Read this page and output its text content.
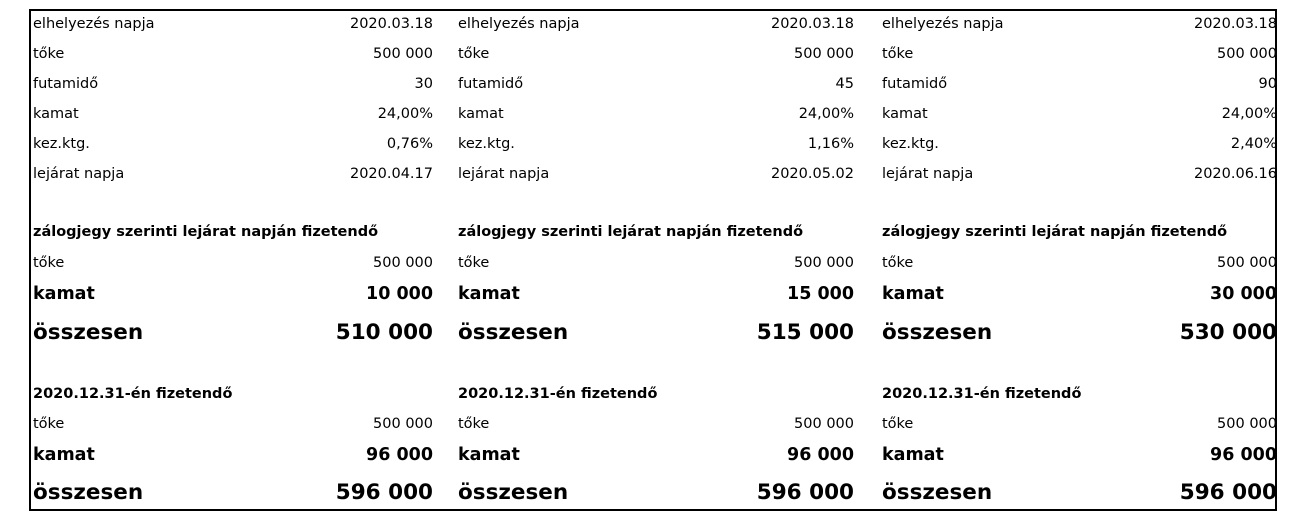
elhelyezés napja	2020.03.18
tőke	500 000
futamidő	30
kamat	24,00%
kez.ktg.	0,76%
lejárat napja	2020.04.17
zálogjegy szerinti lejárat napján fizetendő
tőke	500 000
kamat	10 000
összesen	510 000
2020.12.31-én fizetendő
tőke	500 000
kamat	96 000
összesen	596 000
elhelyezés napja	2020.03.18
tőke	500 000
futamidő	45
kamat	24,00%
kez.ktg.	1,16%
lejárat napja	2020.05.02
zálogjegy szerinti lejárat napján fizetendő
tőke	500 000
kamat	15 000
összesen	515 000
2020.12.31-én fizetendő
tőke	500 000
kamat	96 000
összesen	596 000
elhelyezés napja	2020.03.18
tőke	500 000
futamidő	90
kamat	24,00%
kez.ktg.	2,40%
lejárat napja	2020.06.16
zálogjegy szerinti lejárat napján fizetendő
tőke	500 000
kamat	30 000
összesen	530 000
2020.12.31-én fizetendő
tőke	500 000
kamat	96 000
összesen	596 000
